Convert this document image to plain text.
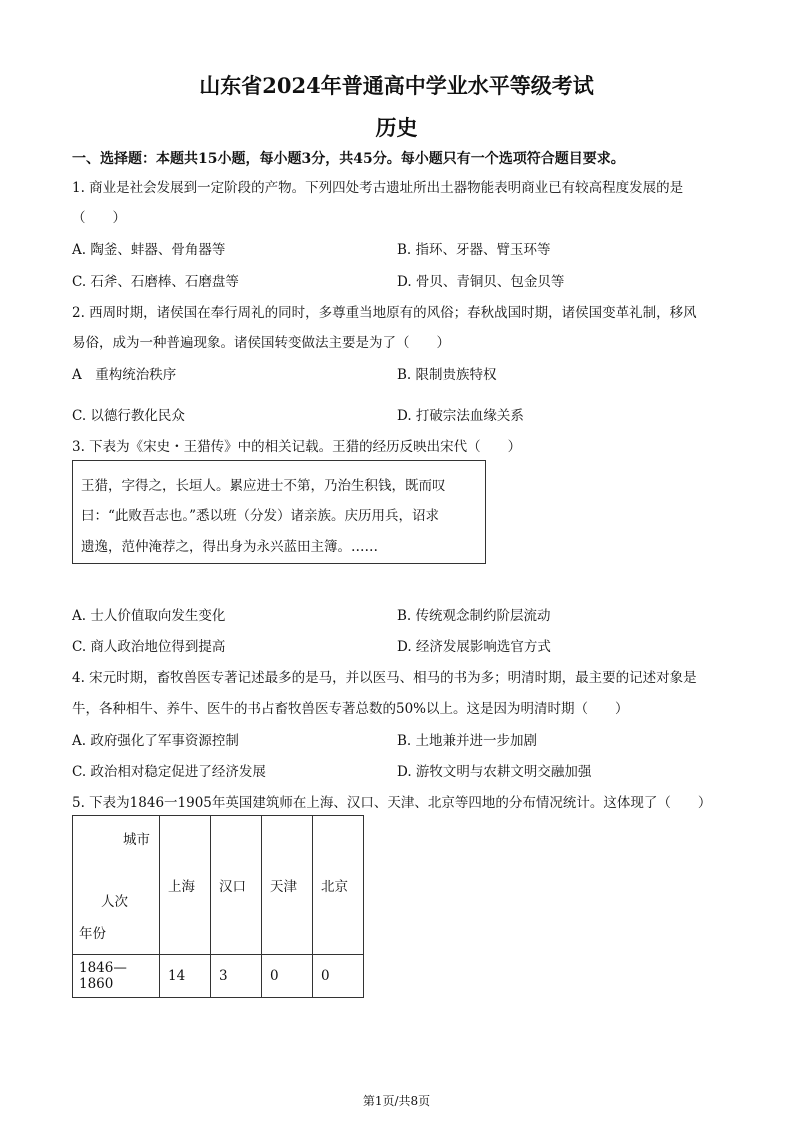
山东省2024年普通高中学业水平等级考试
历史
一、选择题：本题共15小题，每小题3分，共45分。每小题只有一个选项符合题目要求。
1. 商业是社会发展到一定阶段的产物。下列四处考古遗址所出土器物能表明商业已有较高程度发展的是
（　　）
A. 陶釜、蚌器、骨角器等	B. 指环、牙器、臂玉环等
C. 石斧、石磨棒、石磨盘等	D. 骨贝、青铜贝、包金贝等
2. 西周时期，诸侯国在奉行周礼的同时，多尊重当地原有的风俗；春秋战国时期，诸侯国变革礼制，移风
易俗，成为一种普遍现象。诸侯国转变做法主要是为了（　　）
A　重构统治秩序	B. 限制贵族特权
C. 以德行教化民众	D. 打破宗法血缘关系
3. 下表为《宋史・王猎传》中的相关记载。王猎的经历反映出宋代（　　）
王猎，字得之，长垣人。累应进士不第，乃治生积钱，既而叹
曰：“此败吾志也。”悉以班（分发）诸亲族。庆历用兵，诏求
遗逸，范仲淹荐之，得出身为永兴蓝田主簿。……
A. 士人价值取向发生变化	B. 传统观念制约阶层流动
C. 商人政治地位得到提高	D. 经济发展影响选官方式
4. 宋元时期，畜牧兽医专著记述最多的是马，并以医马、相马的书为多；明清时期，最主要的记述对象是
牛，各种相牛、养牛、医牛的书占畜牧兽医专著总数的50%以上。这是因为明清时期（　　）
A. 政府强化了军事资源控制	B. 土地兼并进一步加剧
C. 政治相对稳定促进了经济发展	D. 游牧文明与农耕文明交融加强
5. 下表为1846一1905年英国建筑师在上海、汉口、天津、北京等四地的分布情况统计。这体现了（　　）
城市
人次
年份	上海	汉口	天津	北京
1846—1860	14	3	0	0
第1页/共8页
